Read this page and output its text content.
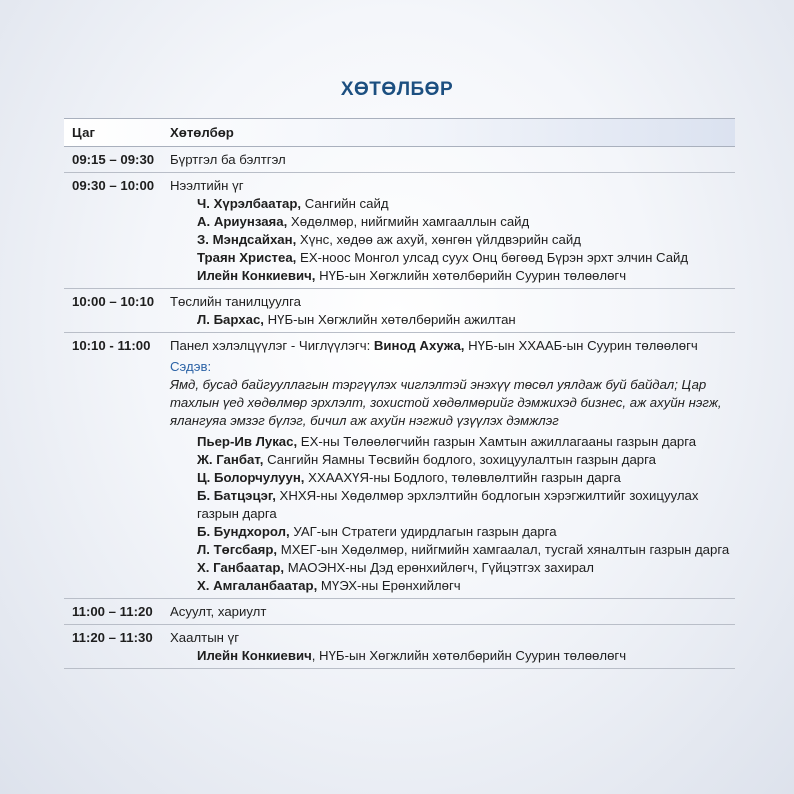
ХӨТӨЛБӨР
Цаг	Хөтөлбөр
09:15 – 09:30	Бүртгэл ба бэлтгэл
09:30 – 10:00	Нээлтийн үг
Ч. Хүрэлбаатар, Сангийн сайд
А. Ариунзаяа, Хөдөлмөр, нийгмийн хамгааллын сайд
З. Мэндсайхан, Хүнс, хөдөө аж ахуй, хөнгөн үйлдвэрийн сайд
Траян Христеа, ЕХ-ноос Монгол улсад суух Онц бөгөөд Бүрэн эрхт элчин Сайд
Илейн Конкиевич, НҮБ-ын Хөгжлийн хөтөлбөрийн Суурин төлөөлөгч
10:00 – 10:10	Төслийн танилцуулга
Л. Бархас, НҮБ-ын Хөгжлийн хөтөлбөрийн ажилтан
10:10 - 11:00	Панел хэлэлцүүлэг - Чиглүүлэгч: Винод Ахужа, НҮБ-ын ХХААБ-ын Суурин төлөөлөгч
Сэдэв:
Ямд, бусад байгууллагын тэргүүлэх чиглэлтэй энэхүү төсөл уялдаж буй байдал; Цар тахлын үед хөдөлмөр эрхлэлт, зохистой хөдөлмөрийг дэмжихэд бизнес, аж ахуйн нэгж, ялангуяа эмзэг бүлэг, бичил аж ахуйн нэгжид үзүүлэх дэмжлэг
Пьер-Ив Лукас, ЕХ-ны Төлөөлөгчийн газрын Хамтын ажиллагааны газрын дарга
Ж. Ганбат, Сангийн Яамны Төсвийн бодлого, зохицуулалтын газрын дарга
Ц. Болорчулуун, ХХААХҮЯ-ны Бодлого, төлөвлөлтийн газрын дарга
Б. Батцэцэг, ХНХЯ-ны Хөдөлмөр эрхлэлтийн бодлогын хэрэгжилтийг зохицуулах газрын дарга
Б. Бундхорол, УАГ-ын Стратеги удирдлагын газрын дарга
Л. Төгсбаяр, МХЕГ-ын Хөдөлмөр, нийгмийн хамгаалал, тусгай хяналтын газрын дарга
Х. Ганбаатар, МАОЭНХ-ны Дэд ерөнхийлөгч, Гүйцэтгэх захирал
Х. Амгаланбаатар, МҮЭХ-ны Ерөнхийлөгч
11:00 – 11:20	Асуулт, хариулт
11:20 – 11:30	Хаалтын үг
Илейн Конкиевич, НҮБ-ын Хөгжлийн хөтөлбөрийн Суурин төлөөлөгч
